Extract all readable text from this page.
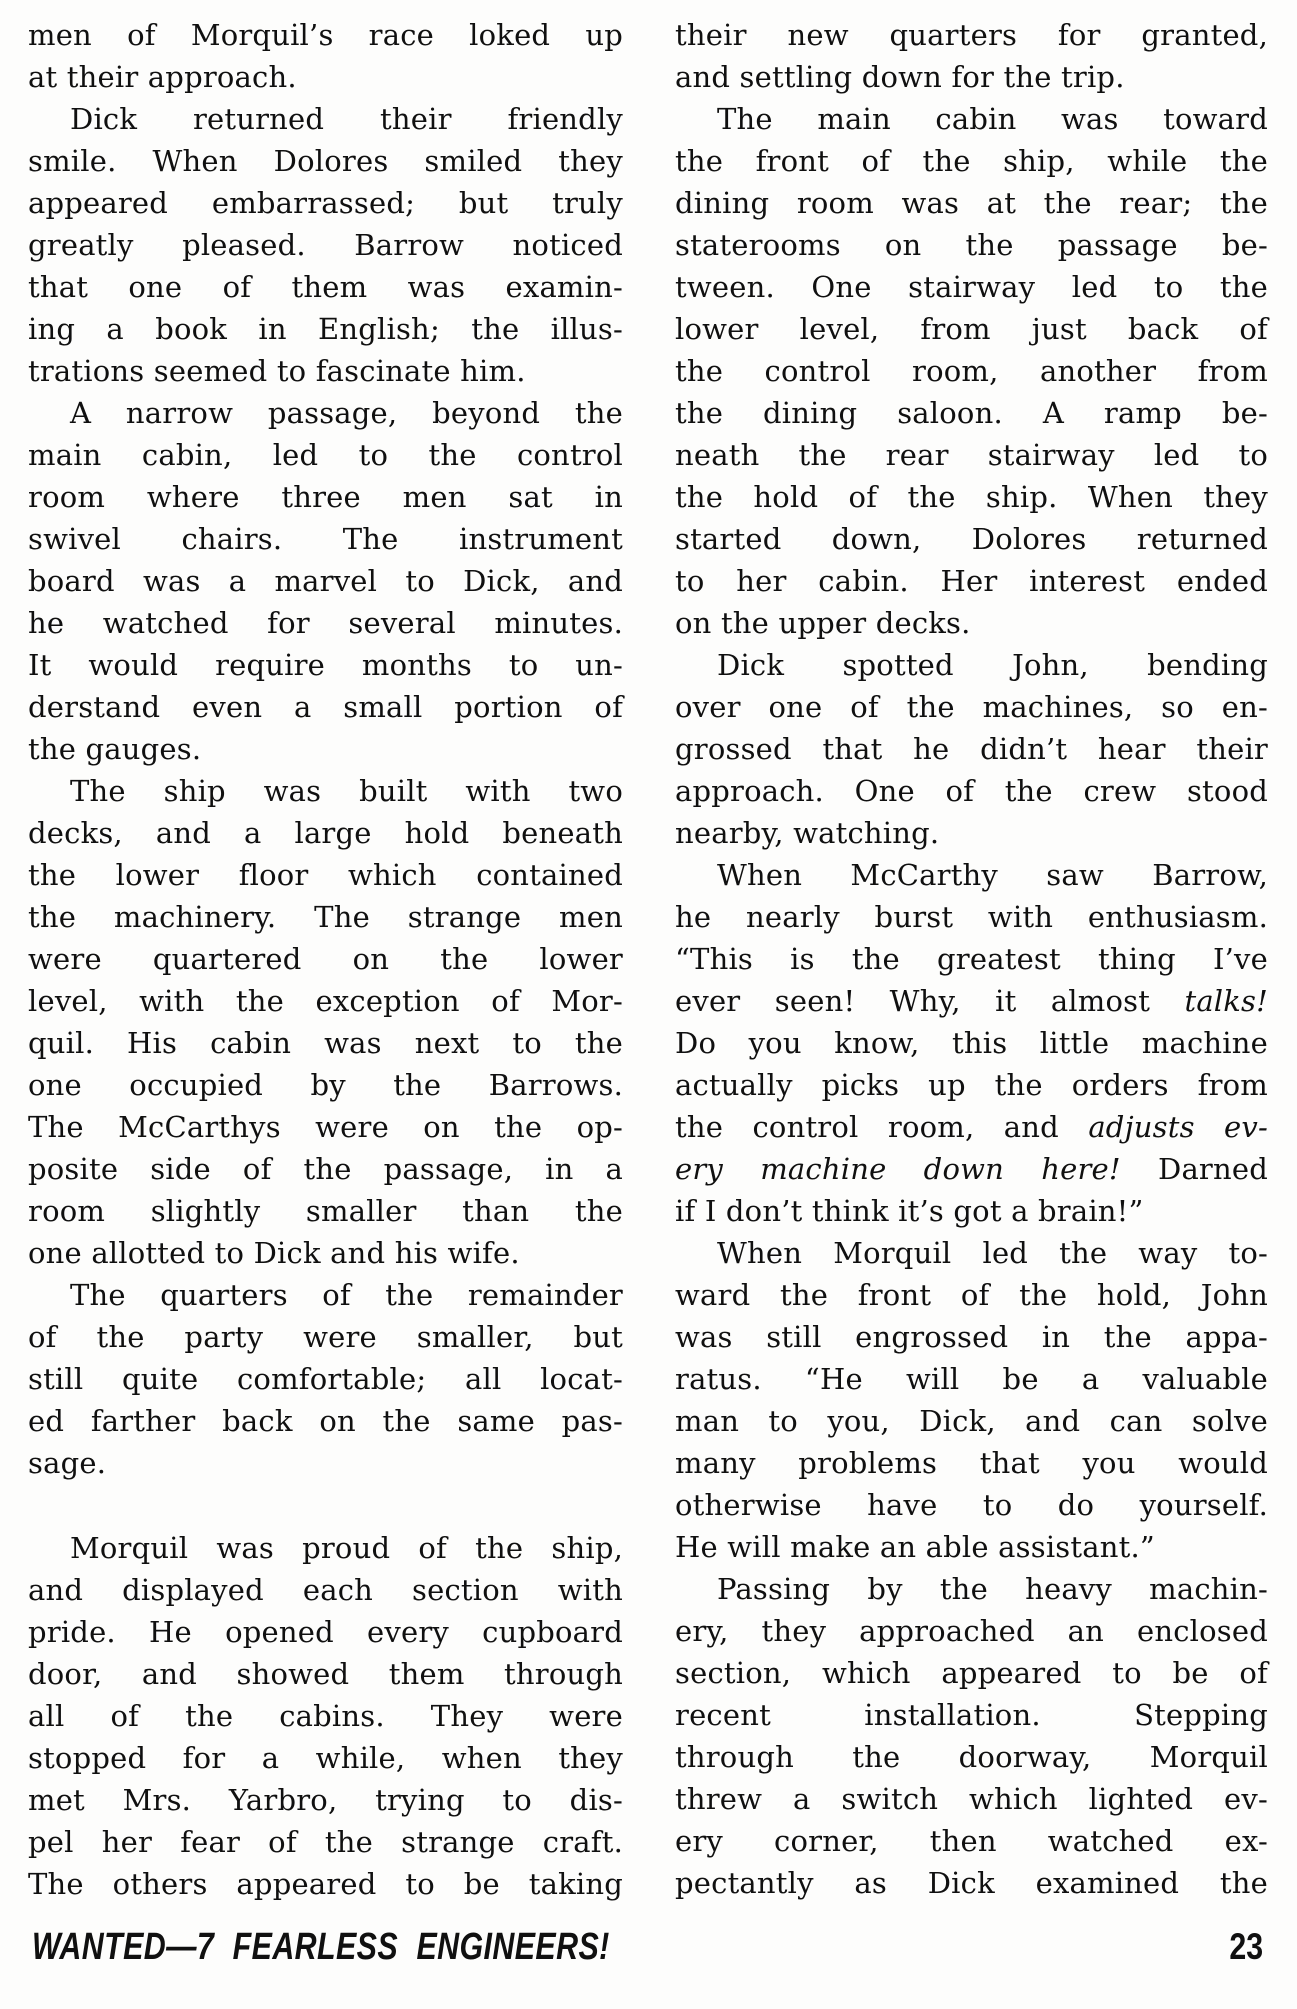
men of Morquil’s race loked up
at their approach.
Dick returned their friendly
smile. When Dolores smiled they
appeared embarrassed; but truly
greatly pleased. Barrow noticed
that one of them was examin-
ing a book in English; the illus-
trations seemed to fascinate him.
A narrow passage, beyond the
main cabin, led to the control
room where three men sat in
swivel chairs. The instrument
board was a marvel to Dick, and
he watched for several minutes.
It would require months to un-
derstand even a small portion of
the gauges.
The ship was built with two
decks, and a large hold beneath
the lower floor which contained
the machinery. The strange men
were quartered on the lower
level, with the exception of Mor-
quil. His cabin was next to the
one occupied by the Barrows.
The McCarthys were on the op-
posite side of the passage, in a
room slightly smaller than the
one allotted to Dick and his wife.
The quarters of the remainder
of the party were smaller, but
still quite comfortable; all locat-
ed farther back on the same pas-
sage.
Morquil was proud of the ship,
and displayed each section with
pride. He opened every cupboard
door, and showed them through
all of the cabins. They were
stopped for a while, when they
met Mrs. Yarbro, trying to dis-
pel her fear of the strange craft.
The others appeared to be taking
their new quarters for granted,
and settling down for the trip.
The main cabin was toward
the front of the ship, while the
dining room was at the rear; the
staterooms on the passage be-
tween. One stairway led to the
lower level, from just back of
the control room, another from
the dining saloon. A ramp be-
neath the rear stairway led to
the hold of the ship. When they
started down, Dolores returned
to her cabin. Her interest ended
on the upper decks.
Dick spotted John, bending
over one of the machines, so en-
grossed that he didn’t hear their
approach. One of the crew stood
nearby, watching.
When McCarthy saw Barrow,
he nearly burst with enthusiasm.
“This is the greatest thing I’ve
ever seen! Why, it almost talks!
Do you know, this little machine
actually picks up the orders from
the control room, and adjusts ev-
ery machine down here! Darned
if I don’t think it’s got a brain!”
When Morquil led the way to-
ward the front of the hold, John
was still engrossed in the appa-
ratus. “He will be a valuable
man to you, Dick, and can solve
many problems that you would
otherwise have to do yourself.
He will make an able assistant.”
Passing by the heavy machin-
ery, they approached an enclosed
section, which appeared to be of
recent installation. Stepping
through the doorway, Morquil
threw a switch which lighted ev-
ery corner, then watched ex-
pectantly as Dick examined the
WANTED—7 FEARLESS ENGINEERS!	23
